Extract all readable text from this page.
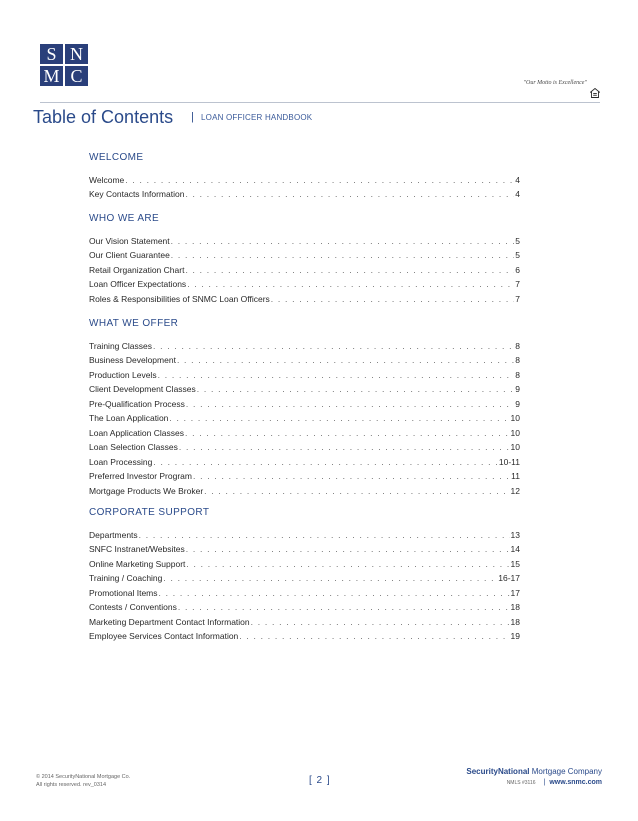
S N
M C	"Our Motto is Excellence"
Table of Contents | LOAN OFFICER HANDBOOK
WELCOME
Welcome . . .	4
Key Contacts Information . . .	4
WHO WE ARE
Our Vision Statement . . .	5
Our Client Guarantee . . .	5
Retail Organization Chart . . .	6
Loan Officer Expectations . . .	7
Roles & Responsibilities of SNMC Loan Officers . . .	7
WHAT WE OFFER
Training Classes . . .	8
Business Development . . .	8
Production Levels . . .	8
Client Development Classes . . .	9
Pre-Qualification Process . . .	9
The Loan Application . . .	10
Loan Application Classes . . .	10
Loan Selection Classes . . .	10
Loan Processing . . .	10-11
Preferred Investor Program . . .	11
Mortgage Products We Broker . . .	12
CORPORATE SUPPORT
Departments . . .	13
SNFC Instranet/Websites . . .	14
Online Marketing Support . . .	15
Training / Coaching . . .	16-17
Promotional Items . . .	17
Contests / Conventions . . .	18
Marketing Department Contact Information . . .	18
Employee Services Contact Information . . .	19
© 2014 SecurityNational Mortgage Co.
All rights reserved. rev_0314	[ 2 ]
SecurityNational Mortgage Company
NMLS #3116 | www.snmc.com
